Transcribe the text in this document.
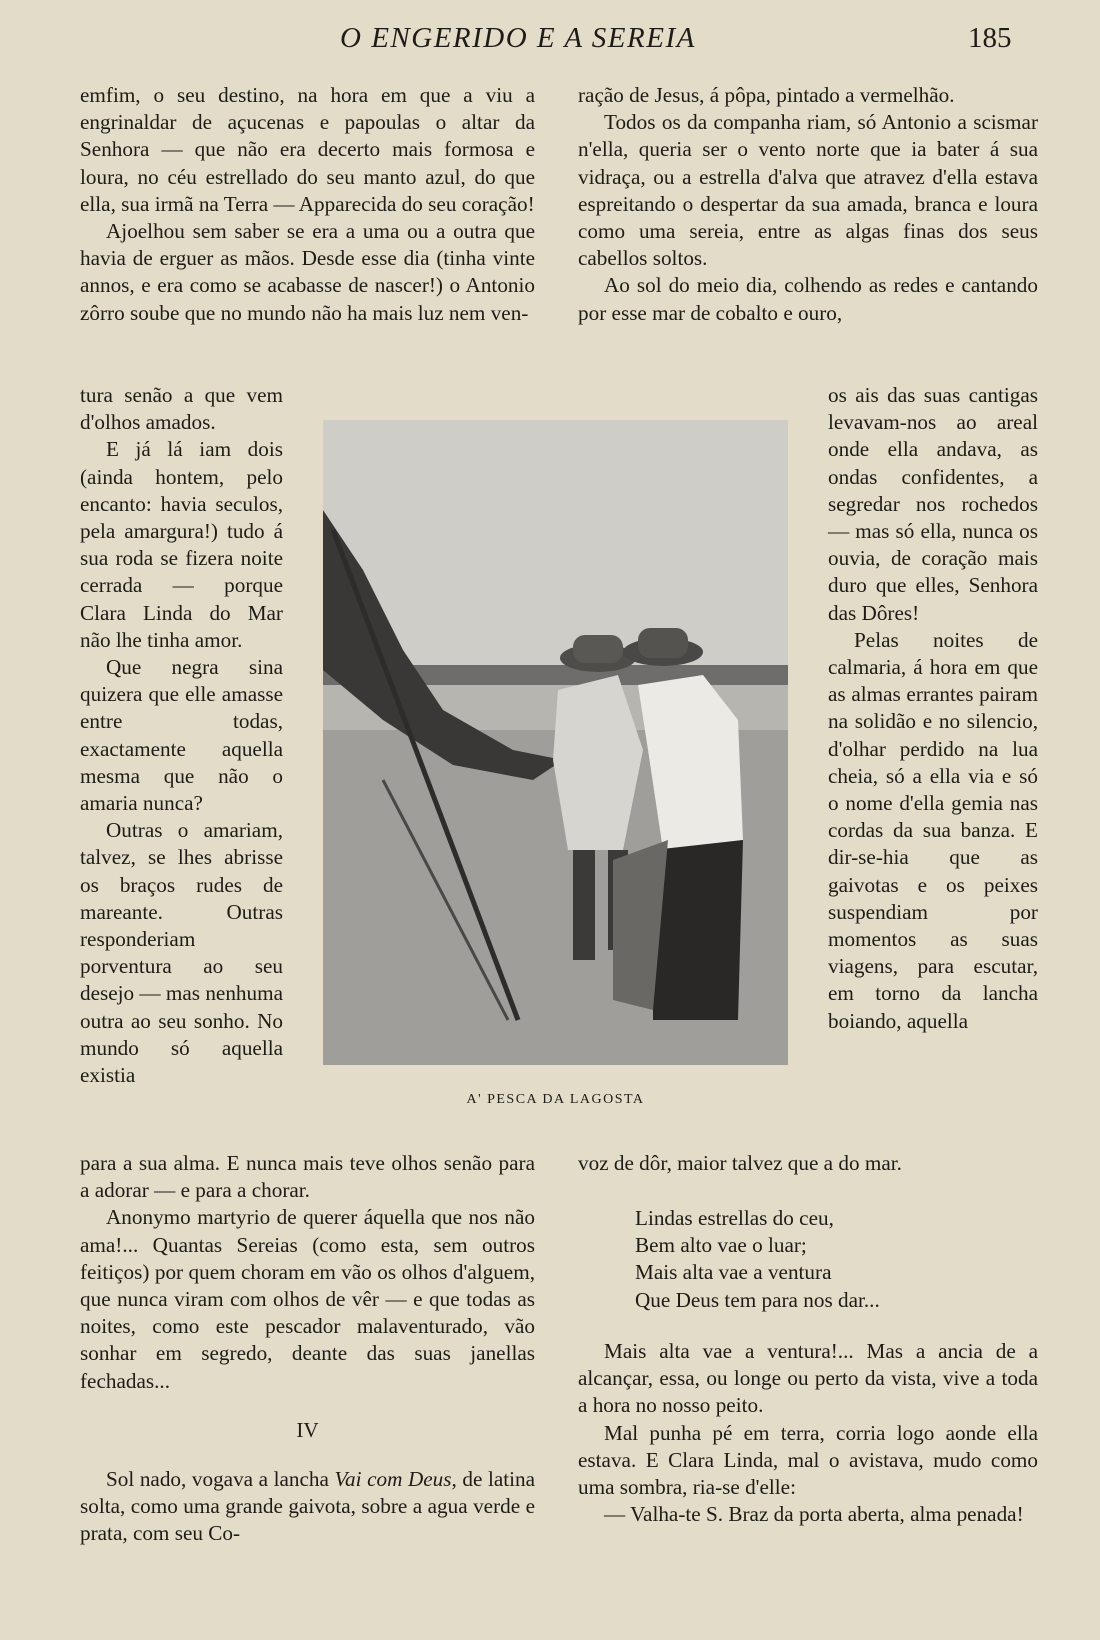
O ENGERIDO E A SEREIA	185

emfim, o seu destino, na hora em que a viu a engrinaldar de açucenas e papoulas o altar da Senhora — que não era decerto mais formosa e loura, no céu estrellado do seu manto azul, do que ella, sua irmã na Terra — Apparecida do seu coração!

Ajoelhou sem saber se era a uma ou a outra que havia de erguer as mãos. Desde esse dia (tinha vinte annos, e era como se acabasse de nascer!) o Antonio zôrro soube que no mundo não ha mais luz nem ven-

tura senão a que vem d'olhos amados.

E já lá iam dois (ainda hontem, pelo encanto: havia seculos, pela amargura!) tudo á sua roda se fizera noite cerrada — porque Clara Linda do Mar não lhe tinha amor.

Que negra sina quizera que elle amasse entre todas, exactamente aquella mesma que não o amaria nunca?

Outras o amariam, talvez, se lhes abrisse os braços rudes de mareante. Outras responderiam porventura ao seu desejo — mas nenhuma outra ao seu sonho. No mundo só aquella existia

para a sua alma. E nunca mais teve olhos senão para a adorar — e para a chorar.

Anonymo martyrio de querer áquella que nos não ama!... Quantas Sereias (como esta, sem outros feitiços) por quem choram em vão os olhos d'alguem, que nunca viram com olhos de vêr — e que todas as noites, como este pescador malaventurado, vão sonhar em segredo, deante das suas janellas fechadas...

IV

Sol nado, vogava a lancha Vai com Deus, de latina solta, como uma grande gaivota, sobre a agua verde e prata, com seu Co-

A' PESCA DA LAGOSTA

ração de Jesus, á pôpa, pintado a vermelhão.

Todos os da companha riam, só Antonio a scismar n'ella, queria ser o vento norte que ia bater á sua vidraça, ou a estrella d'alva que atravez d'ella estava espreitando o despertar da sua amada, branca e loura como uma sereia, entre as algas finas dos seus cabellos soltos.

Ao sol do meio dia, colhendo as redes e cantando por esse mar de cobalto e ouro,

os ais das suas cantigas levavam-nos ao areal onde ella andava, as ondas confidentes, a segredar nos rochedos — mas só ella, nunca os ouvia, de coração mais duro que elles, Senhora das Dôres!

Pelas noites de calmaria, á hora em que as almas errantes pairam na solidão e no silencio, d'olhar perdido na lua cheia, só a ella via e só o nome d'ella gemia nas cordas da sua banza. E dir-se-hia que as gaivotas e os peixes suspendiam por momentos as suas viagens, para escutar, em torno da lancha boiando, aquella

voz de dôr, maior talvez que a do mar.

Lindas estrellas do ceu,
Bem alto vae o luar;
Mais alta vae a ventura
Que Deus tem para nos dar...

Mais alta vae a ventura!... Mas a ancia de a alcançar, essa, ou longe ou perto da vista, vive a toda a hora no nosso peito.

Mal punha pé em terra, corria logo aonde ella estava. E Clara Linda, mal o avistava, mudo como uma sombra, ria-se d'elle:

— Valha-te S. Braz da porta aberta, alma penada!
